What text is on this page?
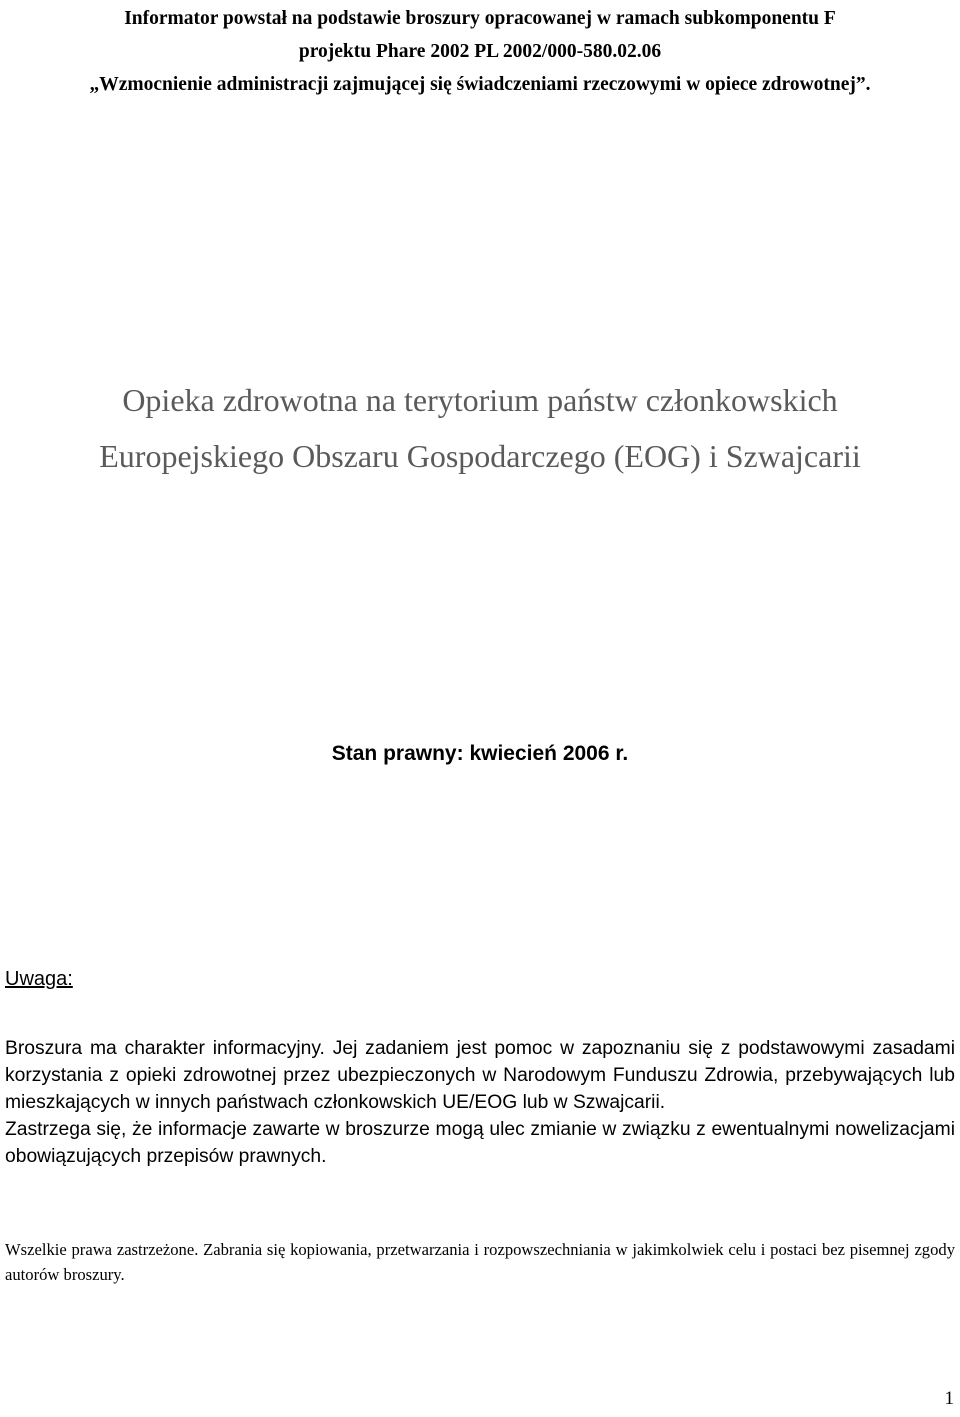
Informator powstał na podstawie broszury opracowanej w ramach subkomponentu F
projektu Phare 2002 PL 2002/000-580.02.06
„Wzmocnienie administracji zajmującej się świadczeniami rzeczowymi w opiece zdrowotnej”.
Opieka zdrowotna na terytorium państw członkowskich
Europejskiego Obszaru Gospodarczego (EOG) i Szwajcarii
Stan prawny: kwiecień 2006 r.
Uwaga:

Broszura ma charakter informacyjny. Jej zadaniem jest pomoc w zapoznaniu się z podstawowymi zasadami korzystania z opieki zdrowotnej przez ubezpieczonych w Narodowym Funduszu Zdrowia, przebywających lub mieszkających w innych państwach członkowskich UE/EOG lub w Szwajcarii.

Zastrzega się, że informacje zawarte w broszurze mogą ulec zmianie w związku z ewentualnymi nowelizacjami obowiązujących przepisów prawnych.

Wszelkie prawa zastrzeżone. Zabrania się kopiowania, przetwarzania i rozpowszechniania w jakimkolwiek celu i postaci bez pisemnej zgody autorów broszury.
1
